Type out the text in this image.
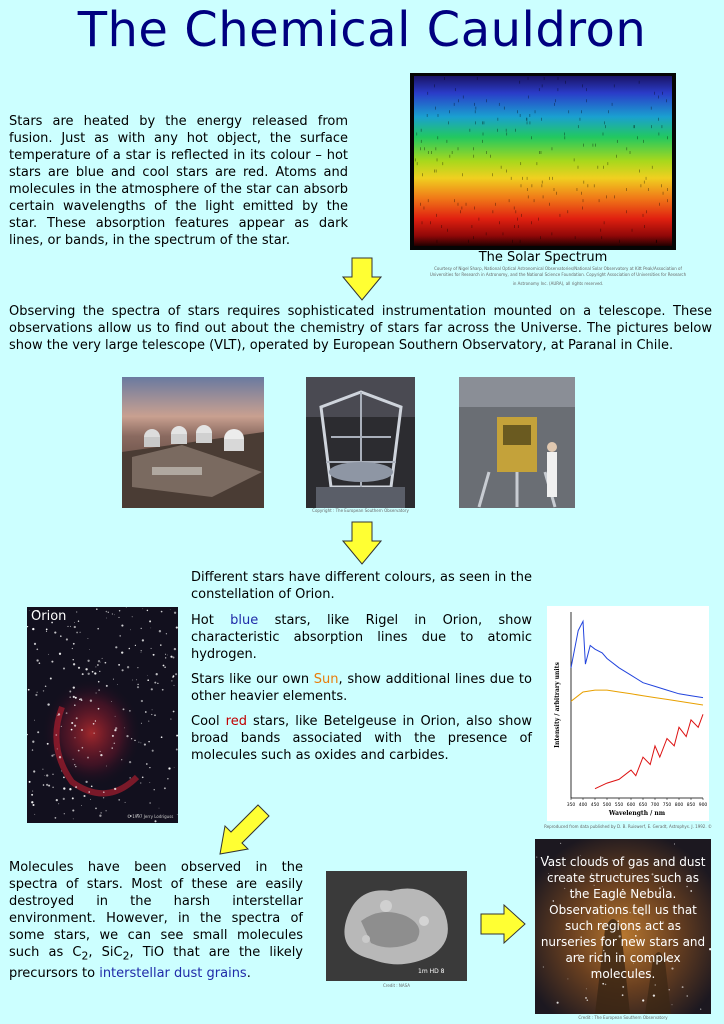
The Chemical Cauldron
Stars are heated by the energy released from fusion. Just as with any hot object, the surface temperature of a star is reflected in its colour – hot stars are blue and cool stars are red. Atoms and molecules in the atmosphere of the star can absorb certain wavelengths of the light emitted by the star. These absorption features appear as dark lines, or bands, in the spectrum of the star.
The Solar Spectrum
Courtesy of Nigel Sharp, National Optical Astronomical Observatories/National Solar Observatory at Kitt Peak/Association of Universities for Research in Astronomy, and the National Science Foundation. Copyright Association of Universities for Research
in Astronomy Inc. (AURA), all rights reserved.
Observing the spectra of stars requires sophisticated instrumentation mounted on a telescope. These observations allow us to find out about the chemistry of stars far across the Universe. The pictures below show the very large telescope (VLT), operated by European Southern Observatory, at Paranal in Chile.
Copyright : The European Southern Observatory
Different stars have different colours, as seen in the constellation of Orion.
Orion
© 1997 Jerry Lodriguss

Hot blue stars, like Rigel in Orion, show characteristic absorption lines due to atomic hydrogen.

Stars like our own Sun, show additional lines due to other heavier elements.

Cool red stars, like Betelgeuse in Orion, also show broad bands associated with the presence of molecules such as oxides and carbides.

350 400 450 500 550 600 650 700 750 800 850 900
Wavelength / nm
Intensity / arbitrary units
Reproduced from data published by D. B. Ruiswerf, E. Geradt, Astrophys. J. 1992. ©
Molecules have been observed in the spectra of stars. Most of these are easily destroyed in the harsh interstellar environment. However, in the spectra of some stars, we can see small molecules such as $C_2$, SiC$_2$, TiO that are the likely precursors to interstellar dust grains.	1m HD 8
Credit : NASA
Vast clouds of gas and dust create structures such as the Eagle Nebula. Observations tell us that such regions act as nurseries for new stars and are rich in complex molecules.
Credit : The European Southern Observatory
